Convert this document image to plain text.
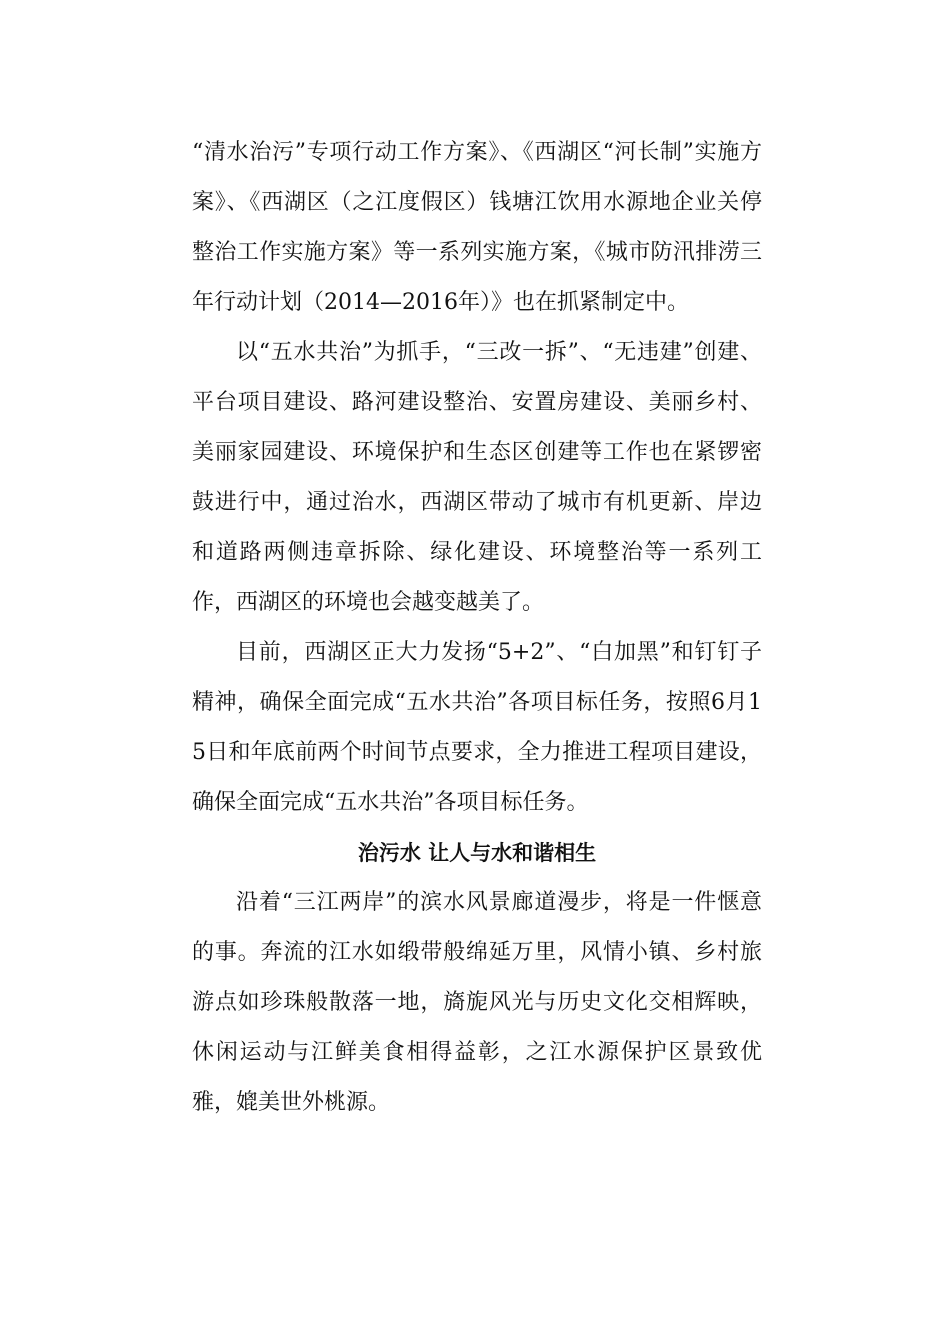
“清水治污”专项行动工作方案》、《西湖区“河长制”实施方案》、《西湖区（之江度假区）钱塘江饮用水源地企业关停整治工作实施方案》等一系列实施方案，《城市防汛排涝三年行动计划（2014—2016年）》也在抓紧制定中。

以“五水共治”为抓手，“三改一拆”、“无违建”创建、平台项目建设、路河建设整治、安置房建设、美丽乡村、美丽家园建设、环境保护和生态区创建等工作也在紧锣密鼓进行中，通过治水，西湖区带动了城市有机更新、岸边和道路两侧违章拆除、绿化建设、环境整治等一系列工作，西湖区的环境也会越变越美了。

目前，西湖区正大力发扬“5+2”、“白加黑”和钉钉子精神，确保全面完成“五水共治”各项目标任务，按照6月15日和年底前两个时间节点要求，全力推进工程项目建设，确保全面完成“五水共治”各项目标任务。

治污水 让人与水和谐相生

沿着“三江两岸”的滨水风景廊道漫步，将是一件惬意的事。奔流的江水如缎带般绵延万里，风情小镇、乡村旅游点如珍珠般散落一地，旖旎风光与历史文化交相辉映，休闲运动与江鲜美食相得益彰，之江水源保护区景致优雅，媲美世外桃源。
